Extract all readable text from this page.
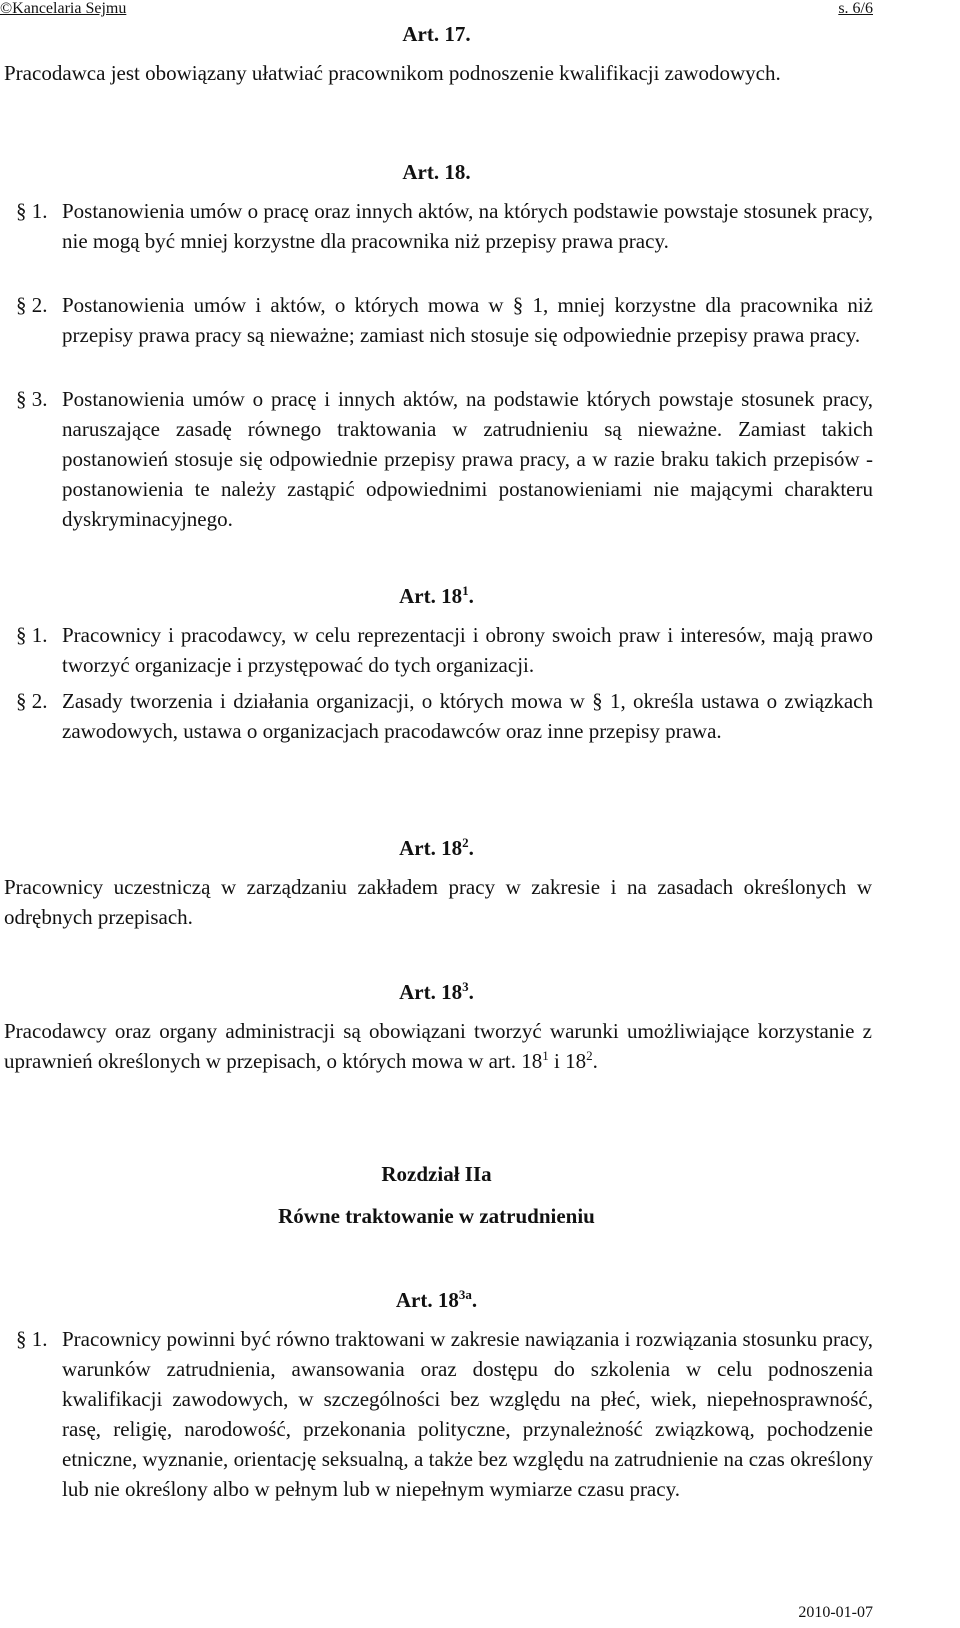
©Kancelaria Sejmu	s. 6/6
Art. 17.

Pracodawca jest obowiązany ułatwiać pracownikom podnoszenie kwalifikacji zawodowych.

Art. 18.

§ 1. Postanowienia umów o pracę oraz innych aktów, na których podstawie powstaje stosunek pracy, nie mogą być mniej korzystne dla pracownika niż przepisy prawa pracy.

§ 2. Postanowienia umów i aktów, o których mowa w § 1, mniej korzystne dla pracownika niż przepisy prawa pracy są nieważne; zamiast nich stosuje się odpowiednie przepisy prawa pracy.

§ 3. Postanowienia umów o pracę i innych aktów, na podstawie których powstaje stosunek pracy, naruszające zasadę równego traktowania w zatrudnieniu są nieważne. Zamiast takich postanowień stosuje się odpowiednie przepisy prawa pracy, a w razie braku takich przepisów - postanowienia te należy zastąpić odpowiednimi postanowieniami nie mającymi charakteru dyskryminacyjnego.

Art. $18^1$.

§ 1. Pracownicy i pracodawcy, w celu reprezentacji i obrony swoich praw i interesów, mają prawo tworzyć organizacje i przystępować do tych organizacji.

§ 2. Zasady tworzenia i działania organizacji, o których mowa w § 1, określa ustawa o związkach zawodowych, ustawa o organizacjach pracodawców oraz inne przepisy prawa.

Art. $18^2$.

Pracownicy uczestniczą w zarządzaniu zakładem pracy w zakresie i na zasadach określonych w odrębnych przepisach.

Art. $18^3$.

Pracodawcy oraz organy administracji są obowiązani tworzyć warunki umożliwiające korzystanie z uprawnień określonych w przepisach, o których mowa w art. $18^1$ i $18^2$.

Rozdział IIa
Równe traktowanie w zatrudnieniu
Art. $18^{3a}$.

§ 1. Pracownicy powinni być równo traktowani w zakresie nawiązania i rozwiązania stosunku pracy, warunków zatrudnienia, awansowania oraz dostępu do szkolenia w celu podnoszenia kwalifikacji zawodowych, w szczególności bez względu na płeć, wiek, niepełnosprawność, rasę, religię, narodowość, przekonania polityczne, przynależność związkową, pochodzenie etniczne, wyznanie, orientację seksualną, a także bez względu na zatrudnienie na czas określony lub nie określony albo w pełnym lub w niepełnym wymiarze czasu pracy.

2010-01-07
